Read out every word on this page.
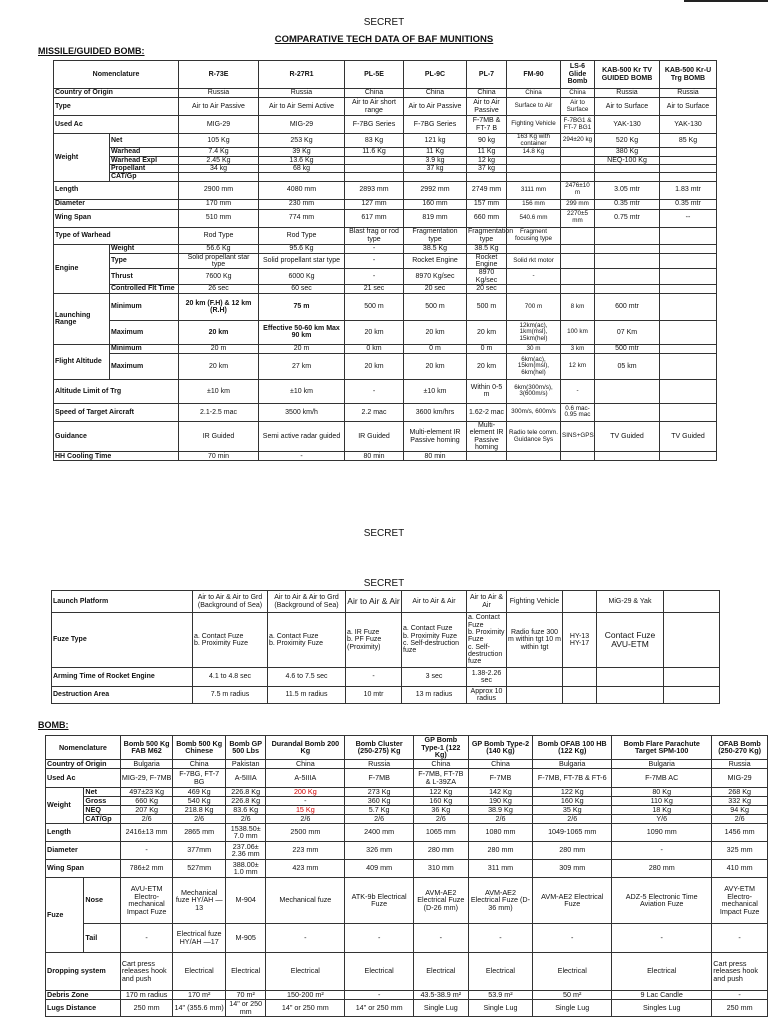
SECRET
COMPARATIVE TECH DATA OF BAF MUNITIONS
MISSILE/GUIDED BOMB:
Nomenclature		R-73E	R-27R1	PL-5E	PL-9C	PL-7	FM-90	LS-6 Glide Bomb	KAB-500 Kr TV GUIDED BOMB	KAB-500 Kr-U Trg BOMB
Country of Origin		Russia	Russia	China	China	China	China	China	Russia	Russia
Type		Air to Air Passive	Air to Air Semi Active	Air to Air short range	Air to Air Passive	Air to Air Passive	Surface to Air	Air to Surface	Air to Surface	Air to Surface
Used Ac		MIG-29	MIG-29	F-7BG Series	F-7BG Series	F-7MB & FT-7 B	Fighting Vehicle	F-7BG1 & FT-7 BG1	YAK-130	YAK-130
Weight	Net	105 Kg	253 Kg	83 Kg	121 kg	90 kg	163 Kg with container	294±20 kg	520 Kg	85 Kg
	Warhead	7.4 Kg	39 Kg	11.6 Kg	11 Kg	11 Kg	14.8 Kg		380 Kg	
	Warhead Expl	2.45 Kg	13.6 Kg		3.9 kg	12 kg			NEQ-100 Kg	
	Propellant	34 kg	68 kg		37 kg	37 kg				
	CAT/Gp									
Length		2900 mm	4080 mm	2893 mm	2992 mm	2749 mm	3111 mm	2476±10 m	3.05 mtr	1.83 mtr
Diameter		170 mm	230 mm	127 mm	160 mm	157 mm	156 mm	299 mm	0.35 mtr	0.35 mtr
Wing Span		510 mm	774 mm	617 mm	819 mm	660 mm	540.6 mm	2270±5 mm	0.75 mtr	--
Type of Warhead		Rod Type	Rod Type	Blast frag or rod type	Fragmentation type	Fragmentation type	Fragment focusing type			
Engine	Weight	56.6 Kg	95.6 Kg	-	38.5 Kg	38.5 Kg				
	Type	Solid propellant star type	Solid propellant star type	-	Rocket Engine	Rocket Engine	Solid rkt motor			
	Thrust	7600 Kg	6000 Kg	-	8970 Kg/sec	8970 Kg/sec	-			
	Controlled Flt Time	26 sec	60 sec	21 sec	20 sec	20 sec				
Launching Range	Minimum	20 km (F.H) & 12 km (R.H)	75 m	500 m	500 m	500 m	700 m	8 km	600 mtr	
	Maximum	20 km	Effective 50-60 km Max 90 km	20 km	20 km	20 km	12km(ac), 1km(msl), 15km(hel)	100 km	07 Km	
Flight Altitude	Minimum	20 m	20 m	0 km	0 m	0 m	30 m	3 km	500 mtr	
	Maximum	20 km	27 km	20 km	20 km	20 km	6km(ac), 15km(msl), 6km(hel)	12 km	05 km	
Altitude Limit of Trg		±10 km	±10 km	-	±10 km	Within 0-5 m	6km(300m/s), 3(600m/s)	-		
Speed of Target Aircraft		2.1-2.5 mac	3500 km/h	2.2 mac	3600 km/hrs	1.62-2 mac	300m/s, 600m/s	0.6 mac-0.95 mac		
Guidance		IR Guided	Semi active radar guided	IR Guided	Multi-element IR Passive homing	Multi-element IR Passive homing	Radio tele comm. Guidance Sys	SINS+GPS	TV Guided	TV Guided
HH Cooling Time		70 min	-	80 min	80 min					
SECRET
SECRET
Launch Platform	Air to Air & Air to Grd (Background of Sea)	Air to Air & Air to Grd (Background of Sea)	Air to Air & Air	Air to Air & Air	Air to Air & Air	Fighting Vehicle		MiG-29 & Yak	
Fuze Type	a. Contact Fuze
b. Proximity Fuze	a. Contact Fuze
b. Proximity Fuze	a. IR Fuze
b. PF Fuze (Proximity)	a. Contact Fuze
b. Proximity Fuze
c. Self-destruction fuze	a. Contact Fuze
b. Proximity Fuze
c. Self-destruction fuze	Radio fuze 300 m within tgt 10 m within tgt	HY-13
HY-17	Contact Fuze AVU-ETM	
Arming Time of Rocket Engine	4.1 to 4.8 sec	4.6 to 7.5 sec	-	3 sec	1.38-2.26 sec				
Destruction Area	7.5 m radius	11.5 m radius	10 mtr	13 m radius	Approx 10 radius				
BOMB:
Nomenclature		Bomb 500 Kg FAB M62	Bomb 500 Kg Chinese	Bomb GP 500 Lbs	Durandal Bomb 200 Kg	Bomb Cluster (250-275) Kg	GP Bomb Type-1 (122 Kg)	GP Bomb Type-2 (140 Kg)	Bomb OFAB 100 HB (122 Kg)	Bomb Flare Parachute Target SPM-100	OFAB Bomb (250-270 Kg)
Country of Origin		Bulgaria	China	Pakistan	China	Russia	China	China	Bulgaria	Bulgaria	Russia
Used Ac		MIG-29, F-7MB	F-7BG, FT-7 BG	A-5IIIA	A-5IIIA	F-7MB	F-7MB, FT-7B & L-39ZA	F-7MB	F-7MB, FT-7B & FT-6	F-7MB AC	MIG-29
Weight	Net	497±23 Kg	469 Kg	226.8 Kg	200 Kg	273 Kg	122 Kg	142 Kg	122 Kg	80 Kg	268 Kg
	Gross	660 Kg	540 Kg	226.8 Kg	-	360 Kg	160 Kg	190 Kg	160 Kg	110 Kg	332 Kg
	NEQ	207 Kg	218.8 Kg	83.6 Kg	15 Kg	5.7 Kg	36 Kg	38.9 Kg	35 Kg	18 Kg	94 Kg
	CAT/Gp	2/6	2/6	2/6	2/6	2/6	2/6	2/6	2/6	Y/6	2/6
Length		2416±13 mm	2865 mm	1538.50± 7.0 mm	2500 mm	2400 mm	1065 mm	1080 mm	1049-1065 mm	1090 mm	1456 mm
Diameter		-	377mm	237.06± 2.36 mm	223 mm	326 mm	280 mm	280 mm	280 mm	-	325 mm
Wing Span		786±2 mm	527mm	388.00± 1.0 mm	423 mm	409 mm	310 mm	311 mm	309 mm	280 mm	410 mm
Fuze	Nose	AVU-ETM Electro-mechanical Impact Fuze	Mechanical fuze HY/AH —13	M-904	Mechanical fuze	ATK-9b Electrical Fuze	AVM-AE2 Electrical Fuze (D-26 mm)	AVM-AE2 Electrical Fuze (D-36 mm)	AVM-AE2 Electrical Fuze	ADZ-5 Electronic Time Aviation Fuze	AVY-ETM Electro-mechanical Impact Fuze
	Tail	-	Electrical fuze HY/AH —17	M-905	-	-	-	-	-	-	-
Dropping system		Cart press releases hook and push	Electrical	Electrical	Electrical	Electrical	Electrical	Electrical	Electrical	Electrical	Cart press releases hook and push
Debris Zone		170 m radius	170 m²	70 m²	150-200 m²	-	43.5-38.9 m²	53.9 m²	50 m²	9 Lac Candle	-
Lugs Distance		250 mm	14" (355.6 mm)	14" or 250 mm	14" or 250 mm	14" or 250 mm	Single Lug	Single Lug	Single Lug	Singles Lug	250 mm
